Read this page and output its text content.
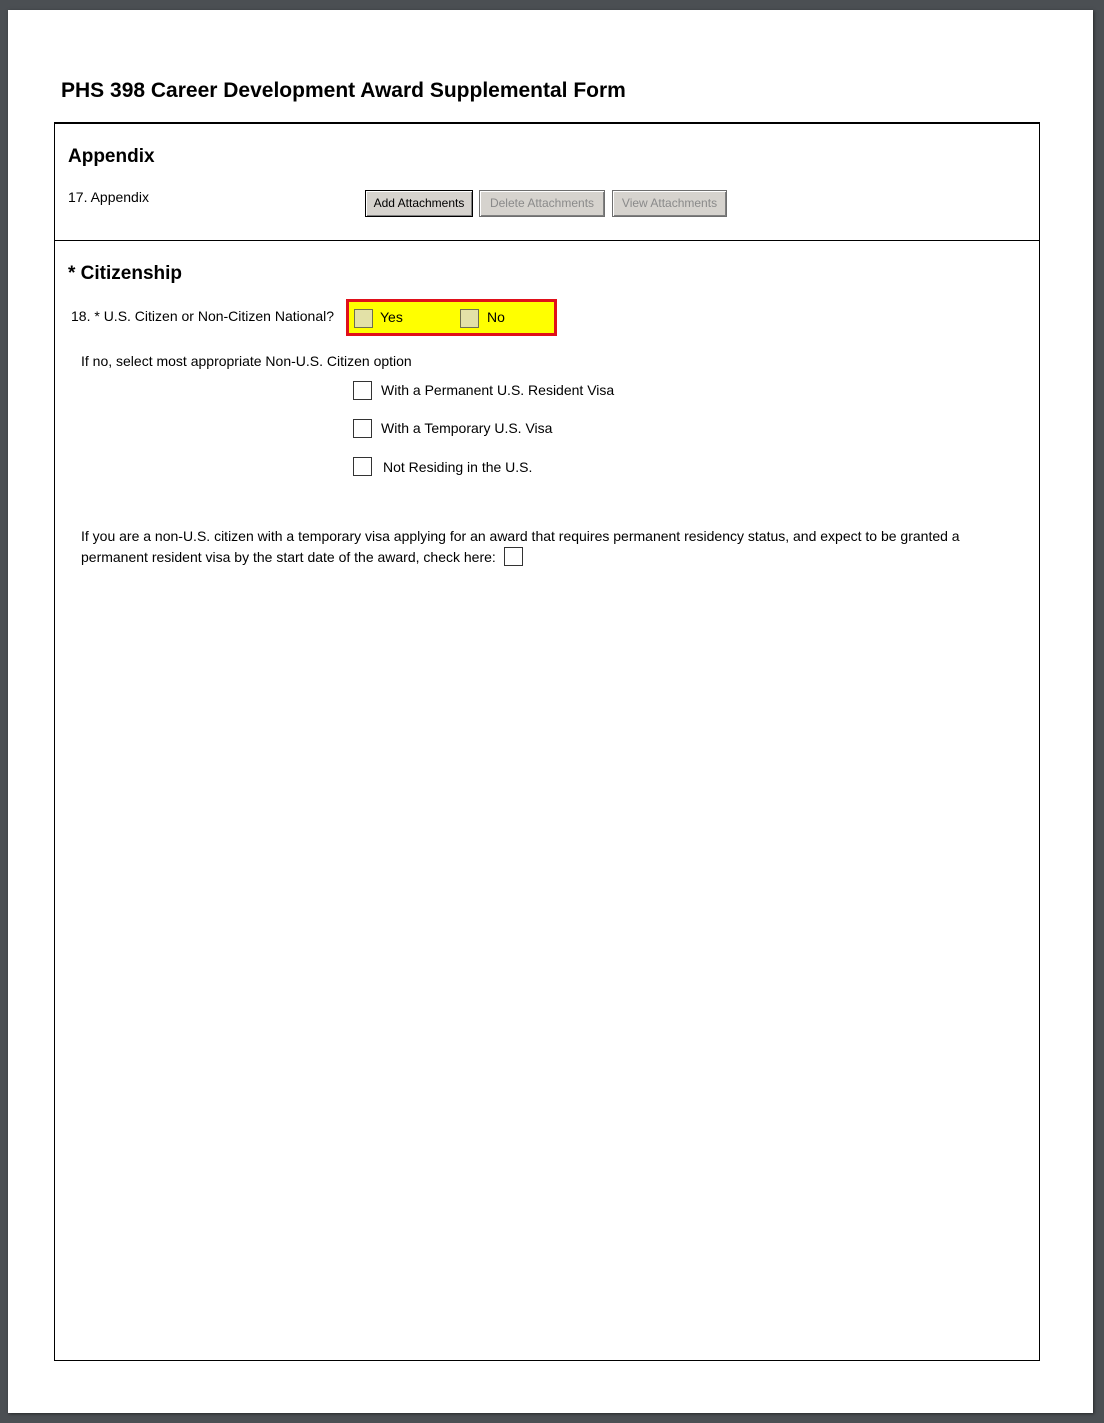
PHS 398 Career Development Award Supplemental Form
Appendix
17. Appendix	Add Attachments	Delete Attachments	View Attachments
* Citizenship
18. * U.S. Citizen or Non-Citizen National?	Yes	No
If no, select most appropriate Non-U.S. Citizen option
With a Permanent U.S. Resident Visa
With a Temporary U.S. Visa
Not Residing in the U.S.

If you are a non-U.S. citizen with a temporary visa applying for an award that requires permanent residency status, and expect to be granted a permanent resident visa by the start date of the award, check here:
